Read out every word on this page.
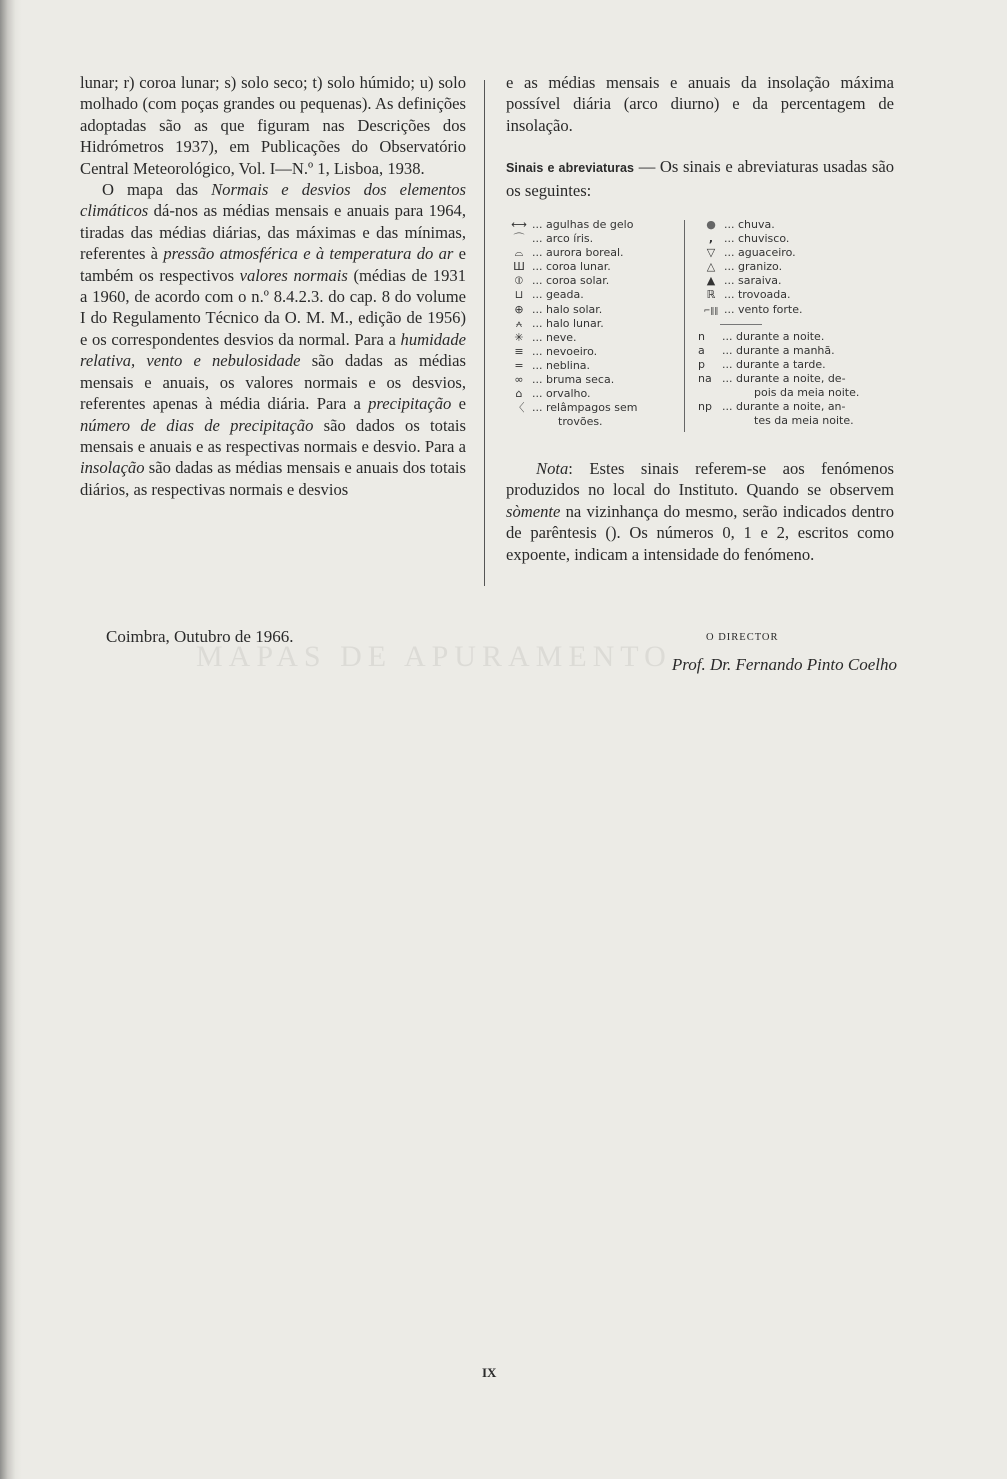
MAPAS DE APURAMENTO

lunar; r) coroa lunar; s) solo seco; t) solo húmido; u) solo molhado (com poças grandes ou pequenas). As definições adoptadas são as que figuram nas Descrições dos Hidrómetros 1937), em Publicações do Observatório Central Meteorológico, Vol. I—N.º 1, Lisboa, 1938.

O mapa das Normais e desvios dos elementos climáticos dá-nos as médias mensais e anuais para 1964, tiradas das médias diárias, das máximas e das mínimas, referentes à pressão atmosférica e à temperatura do ar e também os respectivos valores normais (médias de 1931 a 1960, de acordo com o n.º 8.4.2.3. do cap. 8 do volume I do Regulamento Técnico da O. M. M., edição de 1956) e os correspondentes desvios da normal. Para a humidade relativa, vento e nebulosidade são dadas as médias mensais e anuais, os valores normais e os desvios, referentes apenas à média diária. Para a precipitação e número de dias de precipitação são dados os totais mensais e anuais e as respectivas normais e desvio. Para a insolação são dadas as médias mensais e anuais dos totais diários, as respectivas normais e desvios

e as médias mensais e anuais da insolação máxima possível diária (arco diurno) e da percentagem de insolação.

Sinais e abreviaturas — Os sinais e abreviaturas usadas são os seguintes:

⟷ ... agulhas de gelo
⌒ ... arco íris.
⌓ ... aurora boreal.
Ш ... coroa lunar.
⦶ ... coroa solar.
⊔ ... geada.
⊕ ... halo solar.
⩜ ... halo lunar.
✳ ... neve.
≡ ... nevoeiro.
= ... neblina.
∞ ... bruma seca.
⌂ ... orvalho.
〈 ... relâmpagos sem
trovões.
● ... chuva.
, ... chuvisco.
▽ ... aguaceiro.
△ ... granizo.
▲ ... saraiva.
ℝ ... trovoada.
⌐‖‖ ... vento forte.
n ... durante a noite.
a ... durante a manhã.
p ... durante a tarde.
na ... durante a noite, de-
pois da meia noite.
np ... durante a noite, an-
tes da meia noite.

Nota: Estes sinais referem-se aos fenómenos produzidos no local do Instituto. Quando se observem sòmente na vizinhança do mesmo, serão indicados dentro de parêntesis (). Os números 0, 1 e 2, escritos como expoente, indicam a intensidade do fenómeno.

Coimbra, Outubro de 1966.	O DIRECTOR
Prof. Dr. Fernando Pinto Coelho
IX
